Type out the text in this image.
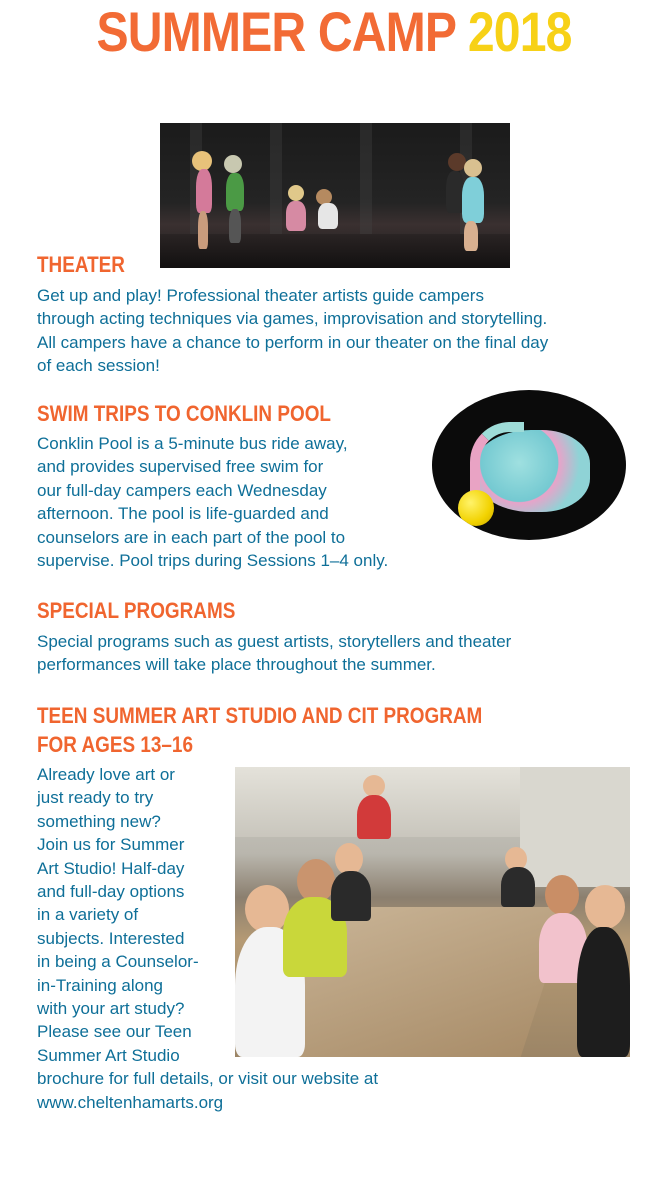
SUMMER CAMP 2018
THEATER
Get up and play! Professional theater artists guide campers
through acting techniques via games, improvisation and storytelling.
All campers have a chance to perform in our theater on the final day
of each session!
SWIM TRIPS TO CONKLIN POOL
Conklin Pool is a 5-minute bus ride away,
and provides supervised free swim for
our full-day campers each Wednesday
afternoon. The pool is life-guarded and
counselors are in each part of the pool to
supervise. Pool trips during Sessions 1–4 only.
SPECIAL PROGRAMS
Special programs such as guest artists, storytellers and theater
performances will take place throughout the summer.
TEEN SUMMER ART STUDIO AND CIT PROGRAM
FOR AGES 13–16
Already love art or
just ready to try
something new?
Join us for Summer
Art Studio! Half-day
and full-day options
in a variety of
subjects. Interested
in being a Counselor-
in-Training along
with your art study?
Please see our Teen
Summer Art Studio
brochure for full details, or visit our website at
www.cheltenhamarts.org
